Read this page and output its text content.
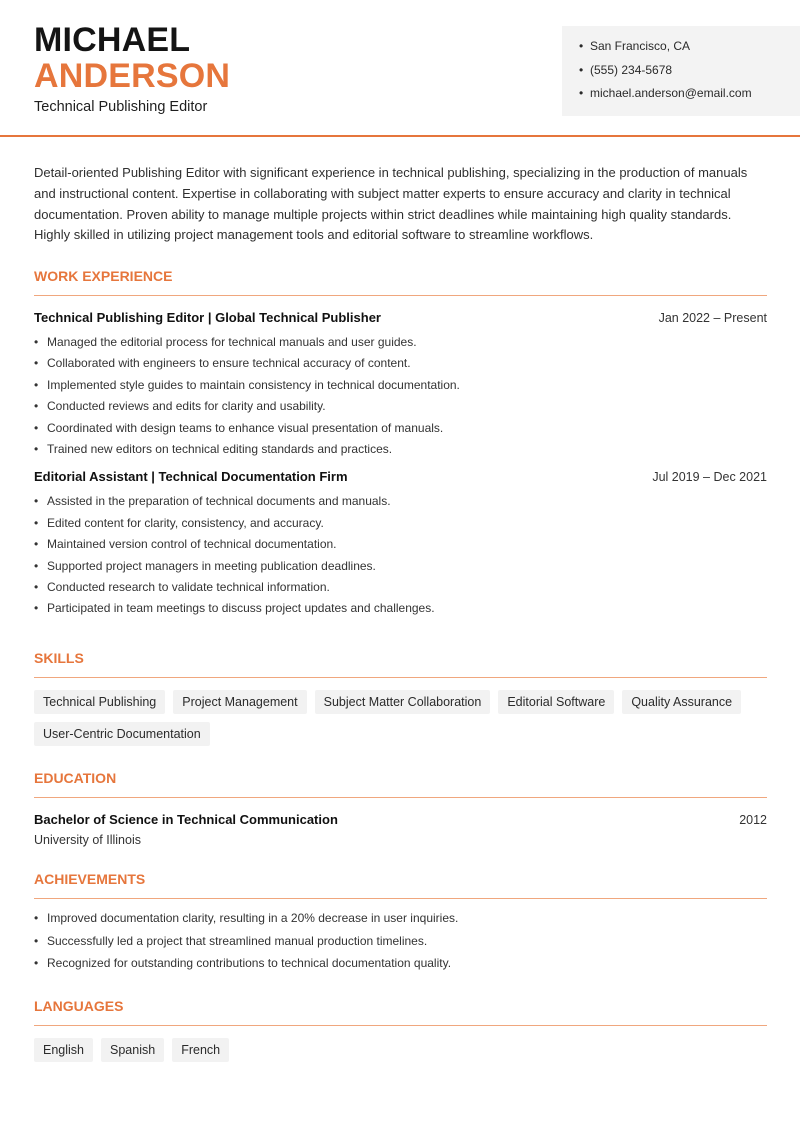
MICHAEL
ANDERSON
Technical Publishing Editor
• San Francisco, CA
• (555) 234-5678
• michael.anderson@email.com
Detail-oriented Publishing Editor with significant experience in technical publishing, specializing in the production of manuals and instructional content. Expertise in collaborating with subject matter experts to ensure accuracy and clarity in technical documentation. Proven ability to manage multiple projects within strict deadlines while maintaining high quality standards. Highly skilled in utilizing project management tools and editorial software to streamline workflows.
WORK EXPERIENCE
Technical Publishing Editor | Global Technical Publisher	Jan 2022 – Present
• Managed the editorial process for technical manuals and user guides.
• Collaborated with engineers to ensure technical accuracy of content.
• Implemented style guides to maintain consistency in technical documentation.
• Conducted reviews and edits for clarity and usability.
• Coordinated with design teams to enhance visual presentation of manuals.
• Trained new editors on technical editing standards and practices.
Editorial Assistant | Technical Documentation Firm	Jul 2019 – Dec 2021
• Assisted in the preparation of technical documents and manuals.
• Edited content for clarity, consistency, and accuracy.
• Maintained version control of technical documentation.
• Supported project managers in meeting publication deadlines.
• Conducted research to validate technical information.
• Participated in team meetings to discuss project updates and challenges.
SKILLS
Technical Publishing	Project Management	Subject Matter Collaboration	Editorial Software	Quality Assurance
User-Centric Documentation
EDUCATION
Bachelor of Science in Technical Communication	2012
University of Illinois
ACHIEVEMENTS
• Improved documentation clarity, resulting in a 20% decrease in user inquiries.
• Successfully led a project that streamlined manual production timelines.
• Recognized for outstanding contributions to technical documentation quality.
LANGUAGES
English	Spanish	French
